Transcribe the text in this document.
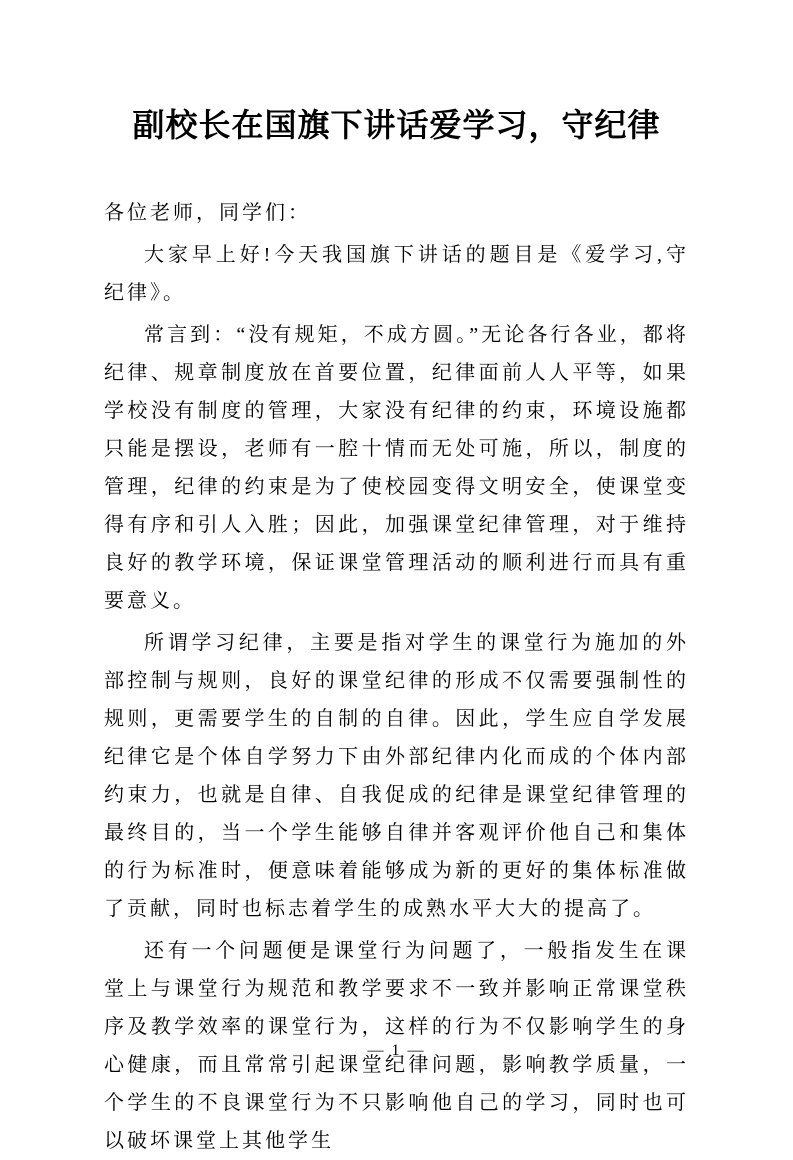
副校长在国旗下讲话爱学习，守纪律

各位老师，同学们：

大家早上好!今天我国旗下讲话的题目是《爱学习,守纪律》。

常言到：“没有规矩，不成方圆。”无论各行各业，都将纪律、规章制度放在首要位置，纪律面前人人平等，如果学校没有制度的管理，大家没有纪律的约束，环境设施都只能是摆设，老师有一腔十情而无处可施，所以，制度的管理，纪律的约束是为了使校园变得文明安全，使课堂变得有序和引人入胜；因此，加强课堂纪律管理，对于维持良好的教学环境，保证课堂管理活动的顺利进行而具有重要意义。

所谓学习纪律，主要是指对学生的课堂行为施加的外部控制与规则，良好的课堂纪律的形成不仅需要强制性的规则，更需要学生的自制的自律。因此，学生应自学发展纪律它是个体自学努力下由外部纪律内化而成的个体内部约束力，也就是自律、自我促成的纪律是课堂纪律管理的最终目的，当一个学生能够自律并客观评价他自己和集体的行为标准时，便意味着能够成为新的更好的集体标准做了贡献，同时也标志着学生的成熟水平大大的提高了。

还有一个问题便是课堂行为问题了，一般指发生在课堂上与课堂行为规范和教学要求不一致并影响正常课堂秩序及教学效率的课堂行为，这样的行为不仅影响学生的身心健康，而且常常引起课堂纪律问题，影响教学质量，一个学生的不良课堂行为不只影响他自己的学习，同时也可以破坏课堂上其他学生

— 1 —
